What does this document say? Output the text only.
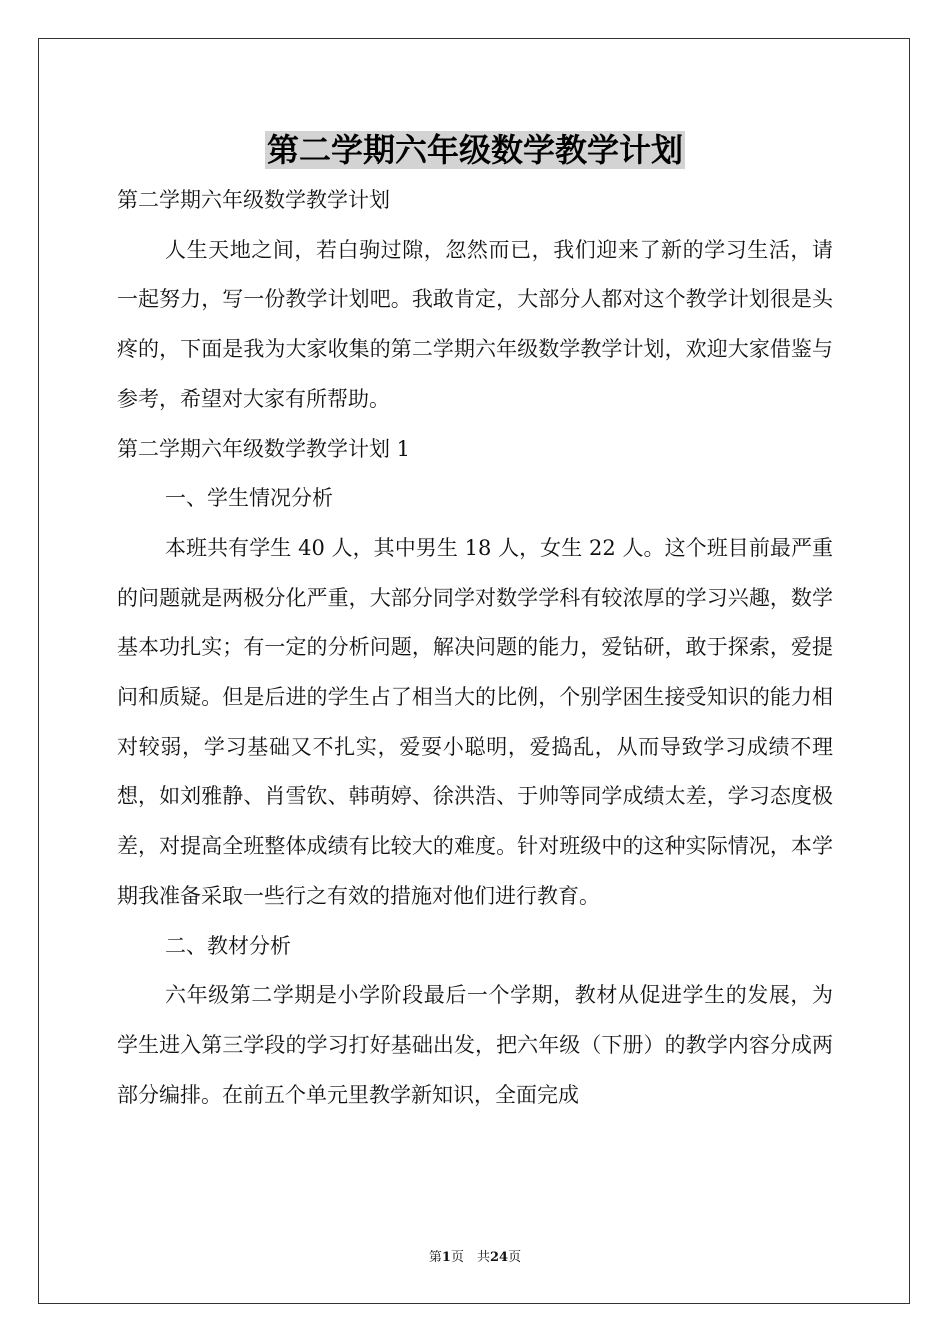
第二学期六年级数学教学计划

第二学期六年级数学教学计划

人生天地之间，若白驹过隙，忽然而已，我们迎来了新的学习生活，请一起努力，写一份教学计划吧。我敢肯定，大部分人都对这个教学计划很是头疼的，下面是我为大家收集的第二学期六年级数学教学计划，欢迎大家借鉴与参考，希望对大家有所帮助。

第二学期六年级数学教学计划 1

一、学生情况分析

本班共有学生 40 人，其中男生 18 人，女生 22 人。这个班目前最严重的问题就是两极分化严重，大部分同学对数学学科有较浓厚的学习兴趣，数学基本功扎实；有一定的分析问题，解决问题的能力，爱钻研，敢于探索，爱提问和质疑。但是后进的学生占了相当大的比例，个别学困生接受知识的能力相对较弱，学习基础又不扎实，爱耍小聪明，爱捣乱，从而导致学习成绩不理想，如刘雅静、肖雪钦、韩萌婷、徐洪浩、于帅等同学成绩太差，学习态度极差，对提高全班整体成绩有比较大的难度。针对班级中的这种实际情况，本学期我准备采取一些行之有效的措施对他们进行教育。

二、教材分析

六年级第二学期是小学阶段最后一个学期，教材从促进学生的发展，为学生进入第三学段的学习打好基础出发，把六年级（下册）的教学内容分成两部分编排。在前五个单元里教学新知识，全面完成

第1页　共24页
